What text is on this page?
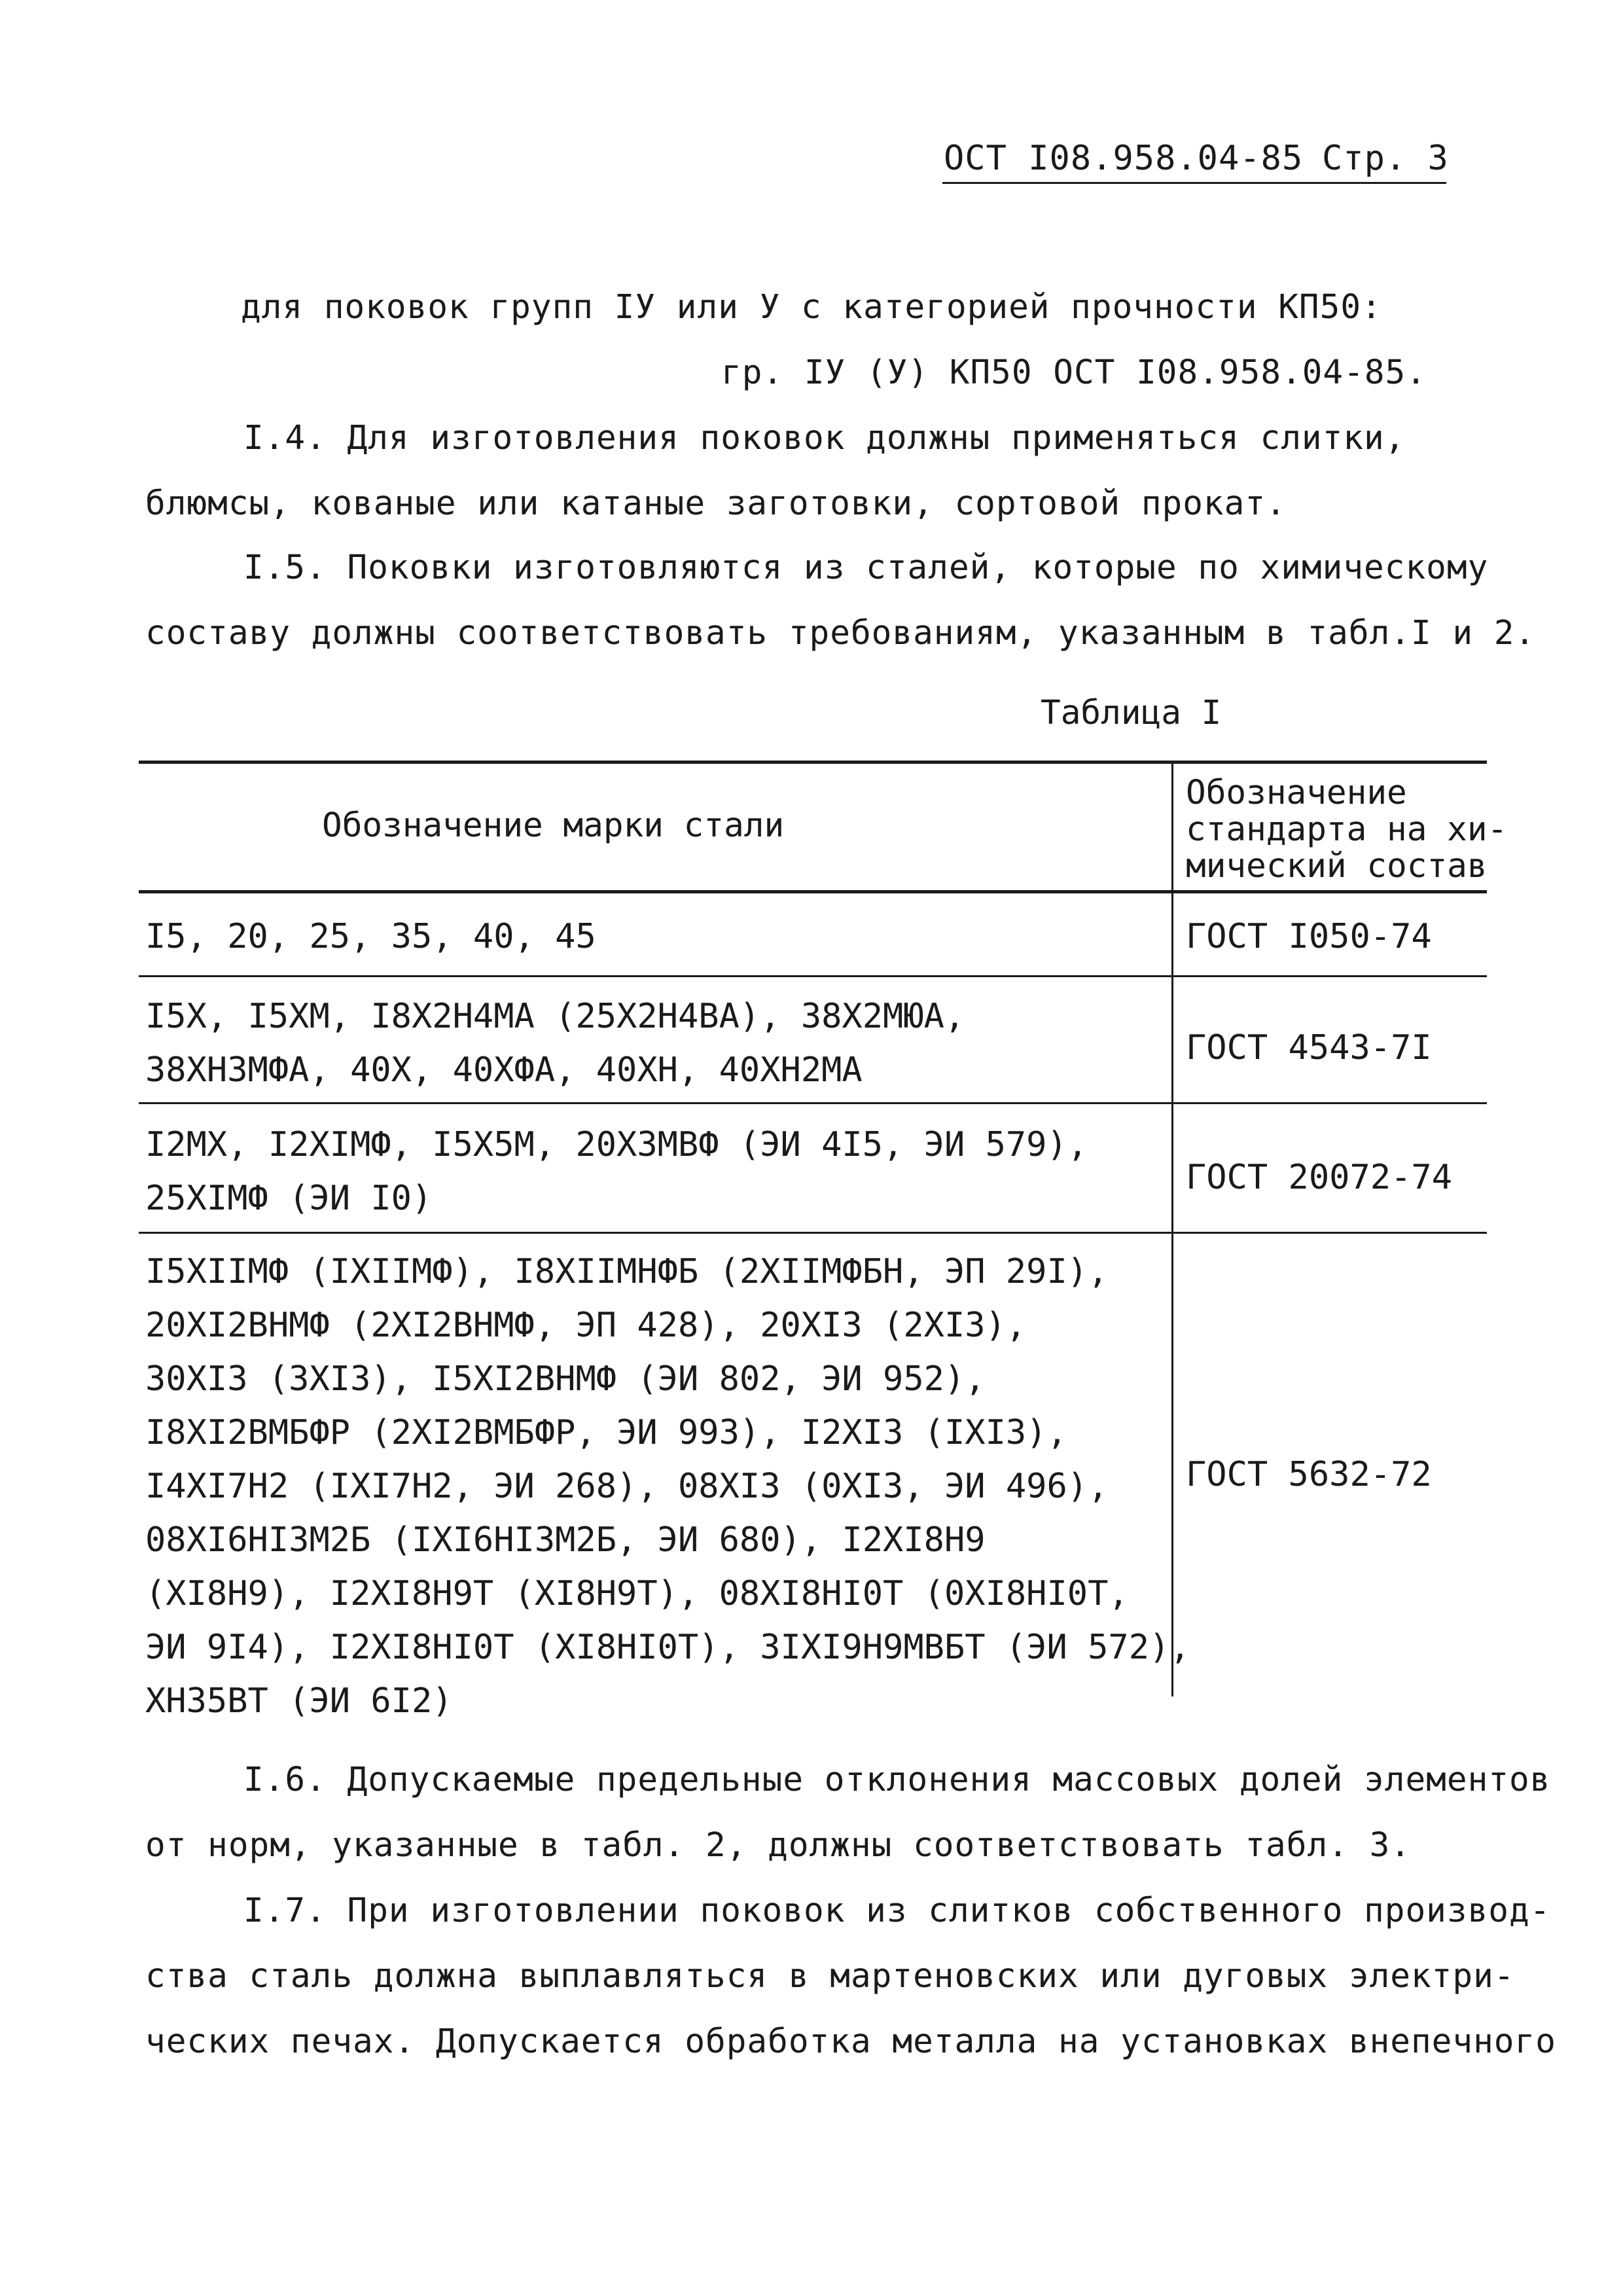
ОСТ I08.958.04-85 Стр. 3
для поковок групп IУ или У с категорией прочности КП50:
гр. IУ (У) КП50 ОСТ I08.958.04-85.
I.4. Для изготовления поковок должны применяться слитки,
блюмсы, кованые или катаные заготовки, сортовой прокат.
I.5. Поковки изготовляются из сталей, которые по химическому
составу должны соответствовать требованиям, указанным в табл.I и 2.
Таблица I
Обозначение марки стали
Обозначение
стандарта на хи-
мический состав
I5, 20, 25, 35, 40, 45	ГОСТ I050-74
I5X, I5XM, I8X2H4MA (25X2H4BA), 38X2MЮA,
38XH3MФA, 40X, 40XФA, 40XH, 40XH2MA
ГОСТ 4543-7I
I2MX, I2XIMФ, I5X5M, 20X3MBФ (ЭИ 4I5, ЭИ 579),
25XIMФ (ЭИ I0)
ГОСТ 20072-74
I5XIIMФ (IXIIMФ), I8XIIMHФБ (2XIIMФБH, ЭП 29I),
20XI2BHMФ (2XI2BHMФ, ЭП 428), 20XI3 (2XI3),
30XI3 (3XI3), I5XI2BHMФ (ЭИ 802, ЭИ 952),
I8XI2BMБФP (2XI2BMБФP, ЭИ 993), I2XI3 (IXI3),
I4XI7H2 (IXI7H2, ЭИ 268), 08XI3 (0XI3, ЭИ 496),
08XI6HI3M2Б (IXI6HI3M2Б, ЭИ 680), I2XI8H9
(XI8H9), I2XI8H9T (XI8H9T), 08XI8HI0T (0XI8HI0T,
ЭИ 9I4), I2XI8HI0T (XI8HI0T), 3IXI9H9MBБT (ЭИ 572),
XH35BT (ЭИ 6I2)
ГОСТ 5632-72
I.6. Допускаемые предельные отклонения массовых долей элементов
от норм, указанные в табл. 2, должны соответствовать табл. 3.
I.7. При изготовлении поковок из слитков собственного производ-
ства сталь должна выплавляться в мартеновских или дуговых электри-
ческих печах. Допускается обработка металла на установках внепечного
